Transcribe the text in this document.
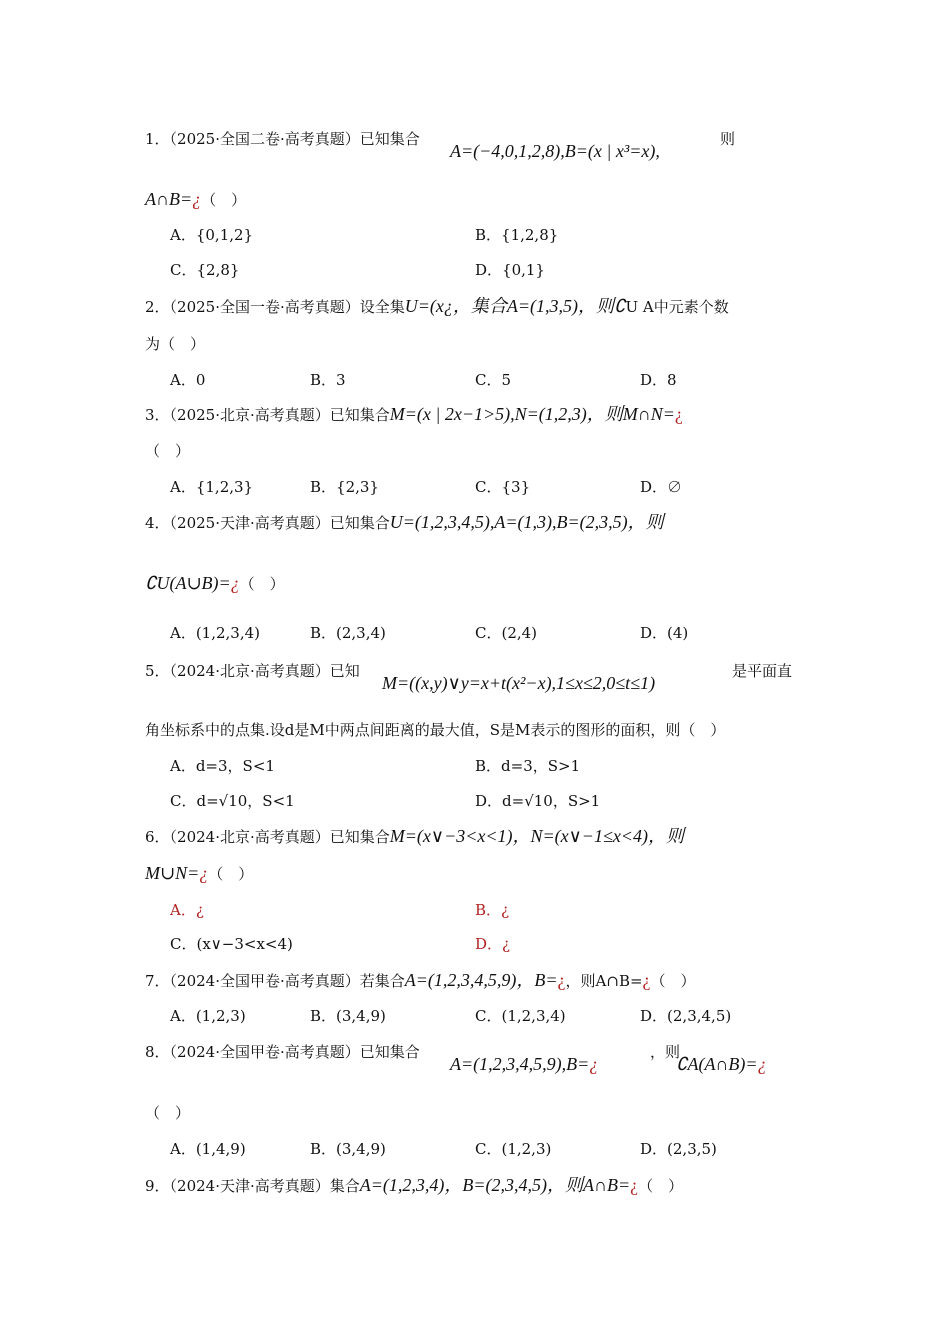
1．（2025·全国二卷·高考真题）已知集合
A=(−4,0,1,2,8),B=(x | x³=x),
则
A∩B=¿（　）
A．{0,1,2}	B．{1,2,8}
C．{2,8}	D．{0,1}
2．（2025·全国一卷·高考真题）设全集U=(x¿，集合A=(1,3,5)，则∁U A中元素个数
为（　）
A．0	B．3	C．5	D．8
3．（2025·北京·高考真题）已知集合M=(x | 2x−1>5),N=(1,2,3)，则M∩N=¿
（　）
A．{1,2,3}	B．{2,3}	C．{3}	D．∅
4．（2025·天津·高考真题）已知集合U=(1,2,3,4,5),A=(1,3),B=(2,3,5)，则
∁U(A∪B)=¿（　）
A．(1,2,3,4)	B．(2,3,4)	C．(2,4)	D．(4)
5．（2024·北京·高考真题）已知
M=((x,y)∨y=x+t(x²−x),1≤x≤2,0≤t≤1)
是平面直
角坐标系中的点集.设d是M中两点间距离的最大值，S是M表示的图形的面积，则（　）
A．d=3，S<1	B．d=3，S>1
C．d=√10，S<1	D．d=√10，S>1
6．（2024·北京·高考真题）已知集合M=(x∨−3<x<1)，N=(x∨−1≤x<4)，则
M∪N=¿（　）
A．¿	B．¿
C．(x∨−3<x<4)	D．¿
7．（2024·全国甲卷·高考真题）若集合A=(1,2,3,4,5,9)，B=¿，则A∩B=¿（　）
A．(1,2,3)	B．(3,4,9)	C．(1,2,3,4)	D．(2,3,4,5)
8．（2024·全国甲卷·高考真题）已知集合
A=(1,2,3,4,5,9),B=¿
，则
∁A(A∩B)=¿
（　）
A．(1,4,9)	B．(3,4,9)	C．(1,2,3)	D．(2,3,5)
9．（2024·天津·高考真题）集合A=(1,2,3,4)，B=(2,3,4,5)，则A∩B=¿（　）
